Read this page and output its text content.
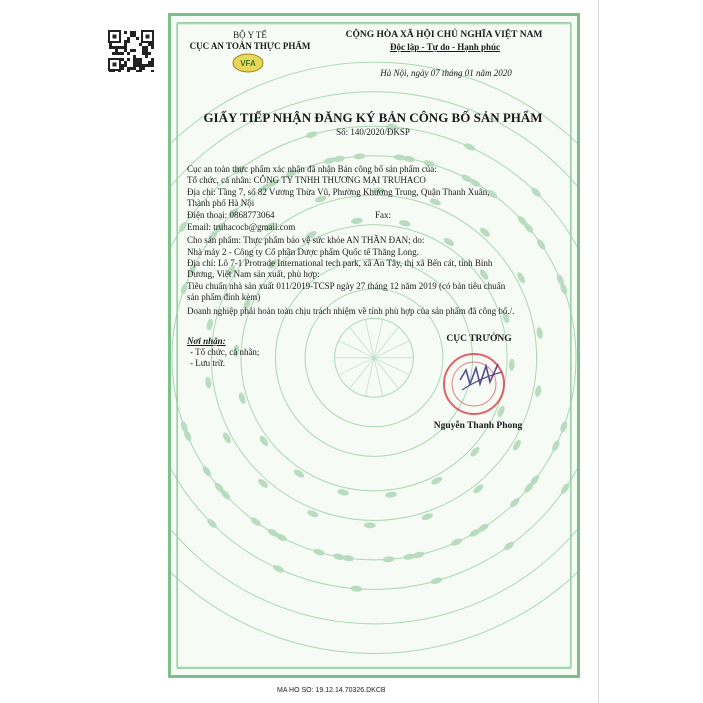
BỘ Y TẾ
CỤC AN TOÀN THỰC PHẨM
VFA
CỘNG HÒA XÃ HỘI CHỦ NGHĨA VIỆT NAM
Độc lập - Tự do - Hạnh phúc
Hà Nội, ngày 07 tháng 01 năm 2020
GIẤY TIẾP NHẬN ĐĂNG KÝ BẢN CÔNG BỐ SẢN PHẨM
Số: 140/2020/ĐKSP
Cục an toàn thực phẩm xác nhận đã nhận Bản công bố sản phẩm của:
Tổ chức, cá nhân: CÔNG TY TNHH THƯƠNG MẠI TRUHACO
Địa chỉ: Tầng 7, số 82 Vương Thừa Vũ, Phường Khương Trung, Quận Thanh Xuân,
Thành phố Hà Nội
Điện thoại: 0868773064	Fax:
Email: truhacocb@gmail.com
Cho sản phẩm: Thực phẩm bảo vệ sức khỏe AN THẦN ĐAN; do:
Nhà máy 2 - Công ty Cổ phần Dược phẩm Quốc tế Thăng Long.
Địa chỉ: Lô 7-1 Protrade International tech park, xã An Tây, thị xã Bến cát, tỉnh Bình
Dương, Việt Nam sản xuất, phù hợp:
Tiêu chuẩn nhà sản xuất 011/2019-TCSP ngày 27 tháng 12 năm 2019 (có bản tiêu chuẩn
sản phẩm đính kèm)
Doanh nghiệp phải hoàn toàn chịu trách nhiệm về tính phù hợp của sản phẩm đã công bố./.
Nơi nhận:
- Tổ chức, cá nhân;
- Lưu trữ.
CỤC TRƯỞNG
Nguyễn Thanh Phong
MA HO SO: 19.12.14.70326.DKCB
